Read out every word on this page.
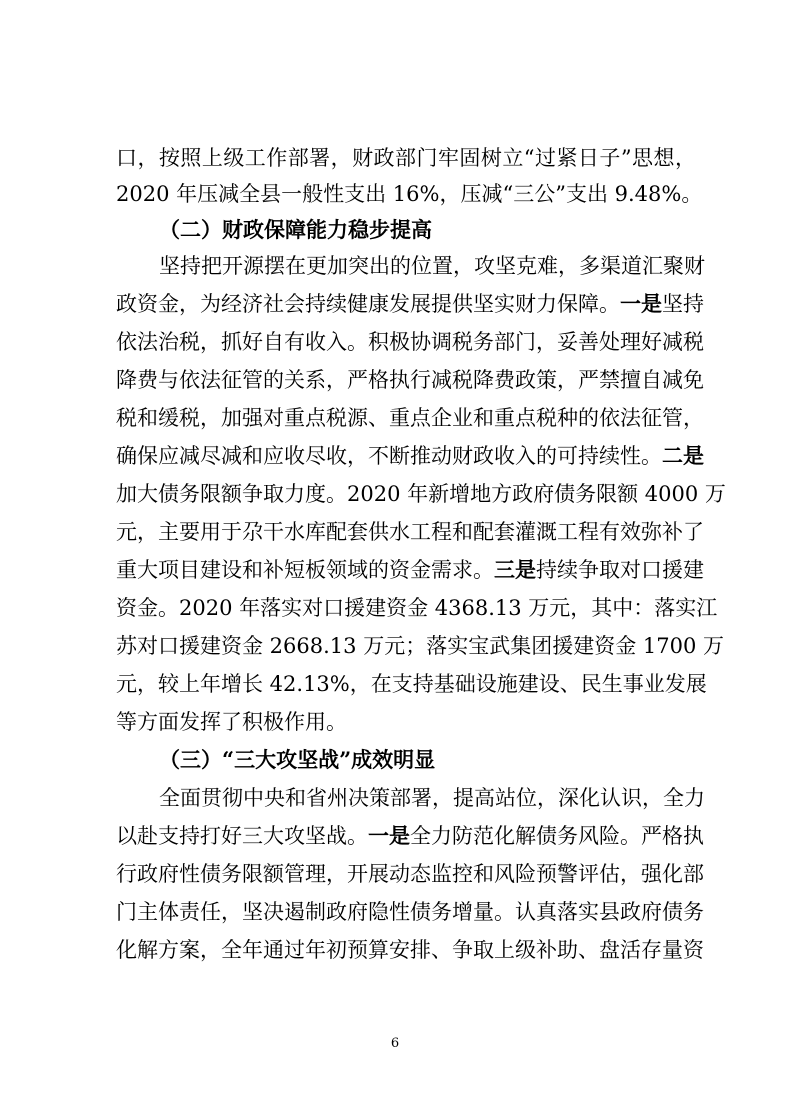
口，按照上级工作部署，财政部门牢固树立“过紧日子”思想，
2020 年压减全县一般性支出 16%，压减“三公”支出 9.48%。
（二）财政保障能力稳步提高
坚持把开源摆在更加突出的位置，攻坚克难，多渠道汇聚财
政资金，为经济社会持续健康发展提供坚实财力保障。一是坚持
依法治税，抓好自有收入。积极协调税务部门，妥善处理好减税
降费与依法征管的关系，严格执行减税降费政策，严禁擅自减免
税和缓税，加强对重点税源、重点企业和重点税种的依法征管，
确保应减尽减和应收尽收，不断推动财政收入的可持续性。二是
加大债务限额争取力度。2020 年新增地方政府债务限额 4000 万
元，主要用于尕干水库配套供水工程和配套灌溉工程有效弥补了
重大项目建设和补短板领域的资金需求。三是持续争取对口援建
资金。2020 年落实对口援建资金 4368.13 万元，其中：落实江
苏对口援建资金 2668.13 万元；落实宝武集团援建资金 1700 万
元，较上年增长 42.13%，在支持基础设施建设、民生事业发展
等方面发挥了积极作用。
（三）“三大攻坚战”成效明显
全面贯彻中央和省州决策部署，提高站位，深化认识，全力
以赴支持打好三大攻坚战。一是全力防范化解债务风险。严格执
行政府性债务限额管理，开展动态监控和风险预警评估，强化部
门主体责任，坚决遏制政府隐性债务增量。认真落实县政府债务
化解方案，全年通过年初预算安排、争取上级补助、盘活存量资
6
